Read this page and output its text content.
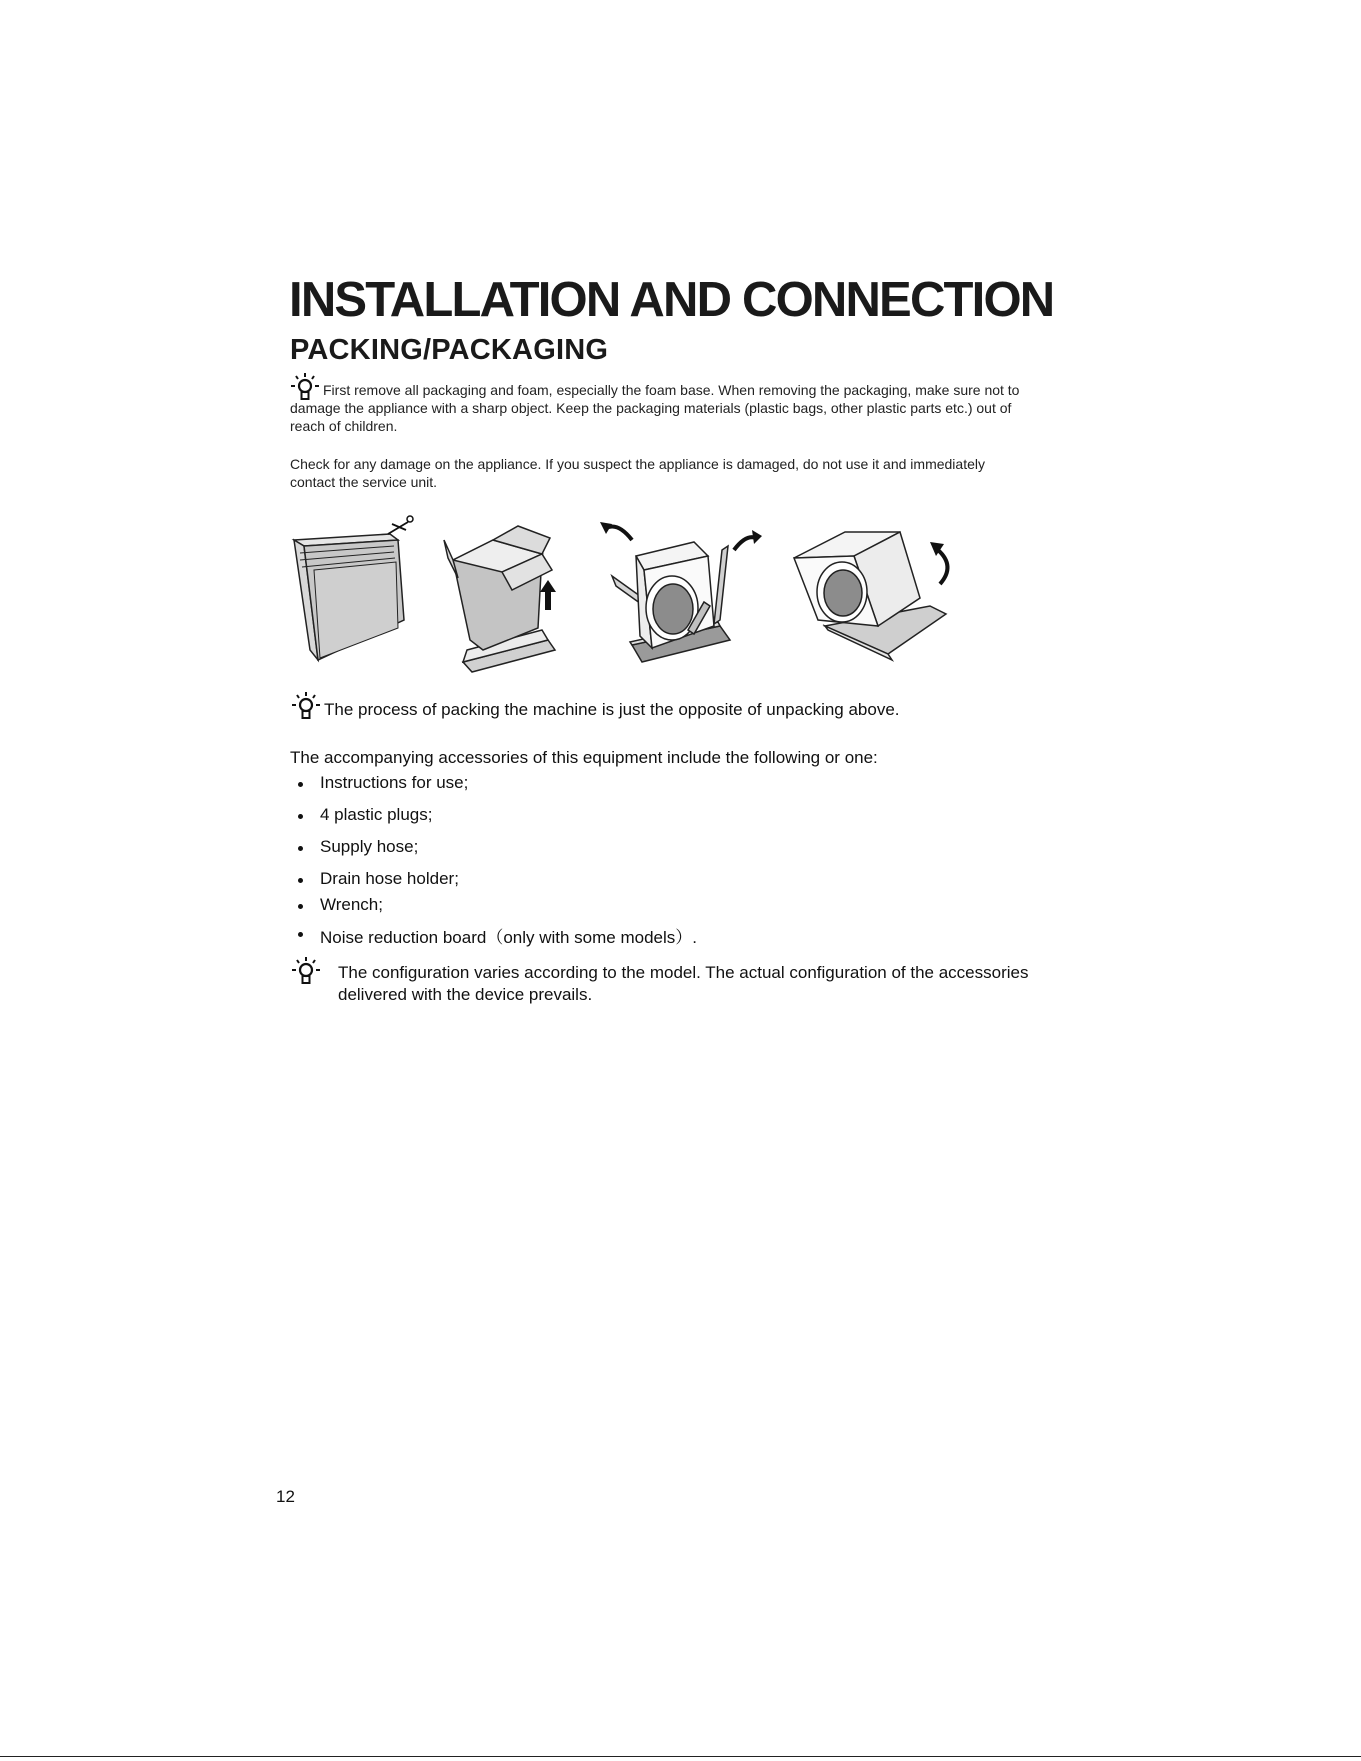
INSTALLATION AND CONNECTION
PACKING/PACKAGING
First remove all packaging and foam, especially the foam base. When removing the packaging, make sure not to damage the appliance with a sharp object. Keep the packaging materials (plastic bags, other plastic parts etc.) out of reach of children.
Check for any damage on the appliance. If you suspect the appliance is damaged, do not use it and immediately contact the service unit.
The process of packing the machine is just the opposite of unpacking above.
The accompanying accessories of this equipment include the following or one:
Instructions for use;
4 plastic plugs;
Supply hose;
Drain hose holder;
Wrench;
Noise reduction board（only with some models）.
The configuration varies according to the model. The actual configuration of the accessories delivered with the device prevails.
12
